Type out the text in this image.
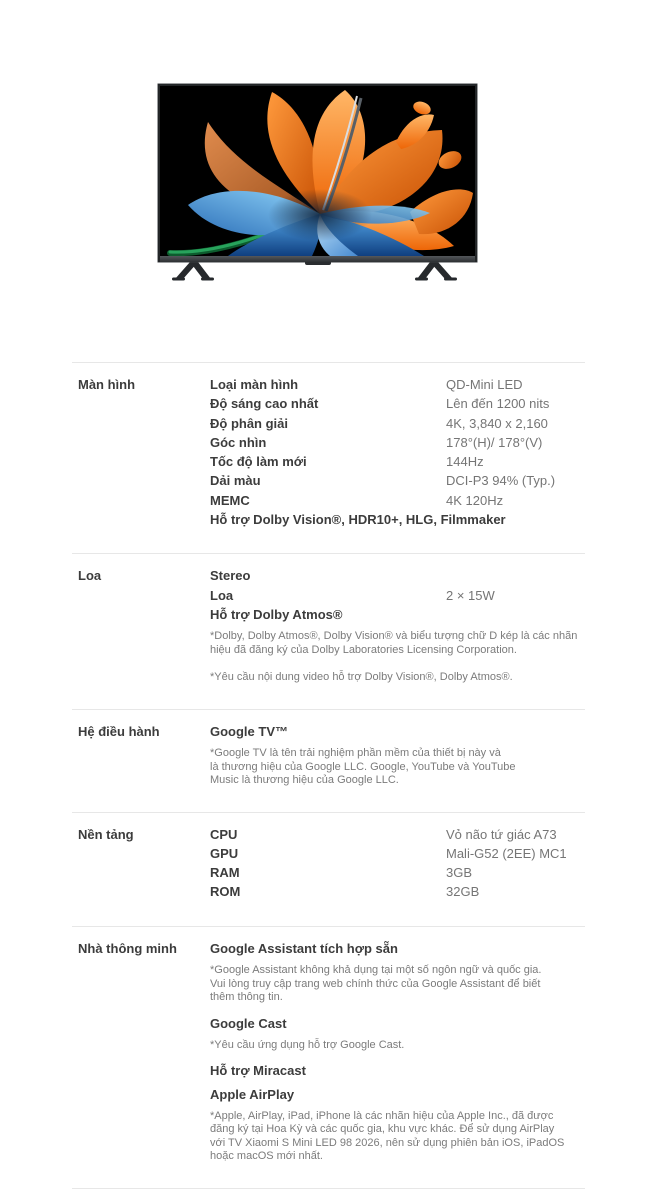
Màn hình	Loại màn hình	QD-Mini LED
Độ sáng cao nhất	Lên đến 1200 nits
Độ phân giải	4K, 3,840 x 2,160
Góc nhìn	178°(H)/ 178°(V)
Tốc độ làm mới	144Hz
Dải màu	DCI-P3 94% (Typ.)
MEMC	4K 120Hz
Hỗ trợ Dolby Vision®, HDR10+, HLG, Filmmaker
Loa	Stereo
Loa	2 × 15W
Hỗ trợ Dolby Atmos®
*Dolby, Dolby Atmos®, Dolby Vision® và biểu tượng chữ D kép là các nhãn
hiệu đã đăng ký của Dolby Laboratories Licensing Corporation.
*Yêu cầu nội dung video hỗ trợ Dolby Vision®, Dolby Atmos®.
Hệ điều hành	Google TV™
*Google TV là tên trải nghiệm phần mềm của thiết bị này và
là thương hiệu của Google LLC. Google, YouTube và YouTube
Music là thương hiệu của Google LLC.
Nền tảng	CPU	Vỏ não tứ giác A73
GPU	Mali-G52 (2EE) MC1
RAM	3GB
ROM	32GB
Nhà thông minh	Google Assistant tích hợp sẵn
*Google Assistant không khả dụng tại một số ngôn ngữ và quốc gia.
Vui lòng truy cập trang web chính thức của Google Assistant để biết
thêm thông tin.
Google Cast
*Yêu cầu ứng dụng hỗ trợ Google Cast.
Hỗ trợ Miracast
Apple AirPlay
*Apple, AirPlay, iPad, iPhone là các nhãn hiệu của Apple Inc., đã được
đăng ký tại Hoa Kỳ và các quốc gia, khu vực khác. Để sử dụng AirPlay
với TV Xiaomi S Mini LED 98 2026, nên sử dụng phiên bản iOS, iPadOS
hoặc macOS mới nhất.
